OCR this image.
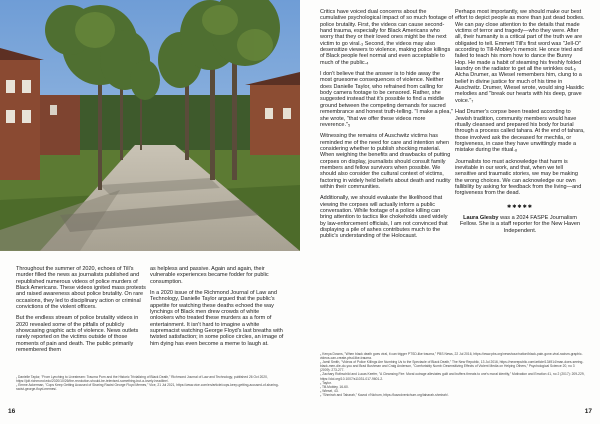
Throughout the summer of 2020, echoes of Till's murder filled the news as journalists published and republished numerous videos of police murders of Black Americans. These videos ignited mass protests and raised awareness about police brutality. On rare occasions, they led to disciplinary action or criminal convictions of the violent officers.

But the endless stream of police brutality videos in 2020 revealed some of the pitfalls of publicly showcasing graphic acts of violence. News outlets rarely reported on the victims outside of those moments of pain and death. The public primarily remembered them

as helpless and passive. Again and again, their vulnerable experiences became fodder for public consumption.

In a 2020 issue of the Richmond Journal of Law and Technology, Danielle Taylor argued that the public's appetite for watching these deaths echoed the way lynchings of Black men drew crowds of white onlookers who treated these murders as a form of entertainment. It isn't hard to imagine a white supremacist watching George Floyd's last breaths with twisted satisfaction; in some police circles, an image of him dying has even become a meme to laugh at.

₁ Danielle Taylor, "From Lynching to Livestream: Trauma Porn and the Historic Trivializing of Black Death," Richmond Journal of Law and Technology, published 26 Oct 2020, https://jolt.richmond.edu/2020/10/26/the-revolution-should-be-televised-something-but-a-lovely-headline/.
₂ Emme Ackerman, "Cops Keep Getting Accused of Sharing Racist George Floyd Memes," Vice, 21 Jul 2021, https://www.vice.com/en/article/cops-keep-getting-accused-of-sharing-racist-george-floyd-memes/.
16

Critics have voiced dual concerns about the cumulative psychological impact of so much footage of police brutality. First, the videos can cause second-hand trauma, especially for Black Americans who worry that they or their loved ones might be the next victim to go viral.₃ Second, the videos may also desensitize viewers to violence, making police killings of Black people feel normal and even acceptable to much of the public.₄

I don't believe that the answer is to hide away the most gruesome consequences of violence. Neither does Danielle Taylor, who refrained from calling for body camera footage to be censored. Rather, she suggested instead that it's possible to find a middle ground between the competing demands for sacred remembrance and honest truth-telling. "I make a plea," she wrote, "that we offer these videos more reverence."₅

Witnessing the remains of Auschwitz victims has reminded me of the need for care and intention when considering whether to publish shocking material. When weighing the benefits and drawbacks of putting corpses on display, journalists should consult family members and fellow survivors when possible. We should also consider the cultural context of victims, factoring in widely held beliefs about death and nudity within their communities.

Additionally, we should evaluate the likelihood that viewing the corpses will actually inform a public conversation. While footage of a police killing can bring attention to tactics like chokeholds used widely by law-enforcement officials, I am not convinced that displaying a pile of ashes contributes much to the public's understanding of the Holocaust.

Perhaps most importantly, we should make our best effort to depict people as more than just dead bodies. We can pay close attention to the details that made victims of terror and tragedy—who they were. After all, their humanity is a critical part of the truth we are obligated to tell. Emmett Till's first word was "Jell-O" according to Till-Mobley's memoir. He once tried and failed to teach his mom how to dance the Bunny Hop. He made a habit of steaming his freshly folded laundry on the radiator to get all the wrinkles out.₆ Alcha Drumer, as Wiesel remembers him, clung to a belief in divine justice for much of his time in Auschwitz. Drumer, Wiesel wrote, would sing Hasidic melodies and "break our hearts with his deep, grave voice."₇

Had Drumer's corpse been treated according to Jewish tradition, community members would have ritually cleansed and prepared his body for burial through a process called tahara. At the end of tahara, those involved ask the deceased for mechila, or forgiveness, in case they have unwittingly made a mistake during the ritual.₈

Journalists too must acknowledge that harm is inevitable in our work, and that, when we tell sensitive and traumatic stories, we may be making the wrong choices. We can acknowledge our own fallibility by asking for feedback from the living—and forgiveness from the dead.

✱✱✱✱✱
Laura Glesby was a 2024 FASPE Journalism Fellow. She is a staff reporter for the New Haven Independent.
₃ Kenya Downs, "When black death goes viral, it can trigger PTSD-like trauma," PBS News, 22 Jul 2016, https://www.pbs.org/newshour/nation/black-pain-gone-viral-racism-graphic-videos-can-create-ptsd-like-trauma.
₄ Jamil Smith, "Videos of Police Killings Are Numbing Us to the Spectacle of Black Death," The New Republic, 13 Jul 2016, https://newrepublic.com/article/134914/man-does-seeing-black-men-die-do-you and Brad Bushman and Craig Anderson, "Comfortably Numb: Desensitizing Effects of Violent Media on Helping Others," Psychological Science 20, no 3 (2009): 273-277.
₅ Zachary Rothschild and Lucas Keefer, "A Cleansing Fire: Moral outrage alleviates guilt and buffers threats to one's moral identity," Motivation and Emotion 41, no 2 (2017): 209-229, https://doi.org/10.1007/s11031-017-9601-2.
₆ Taylor.
₇ Till-Mobley, 16-60.
₈ Wiesel, 43.
₉ "Shmirah and Taharah," Kavod v'Nichum, https://kavodvenichum.org/taharah-shmirah/.
17
